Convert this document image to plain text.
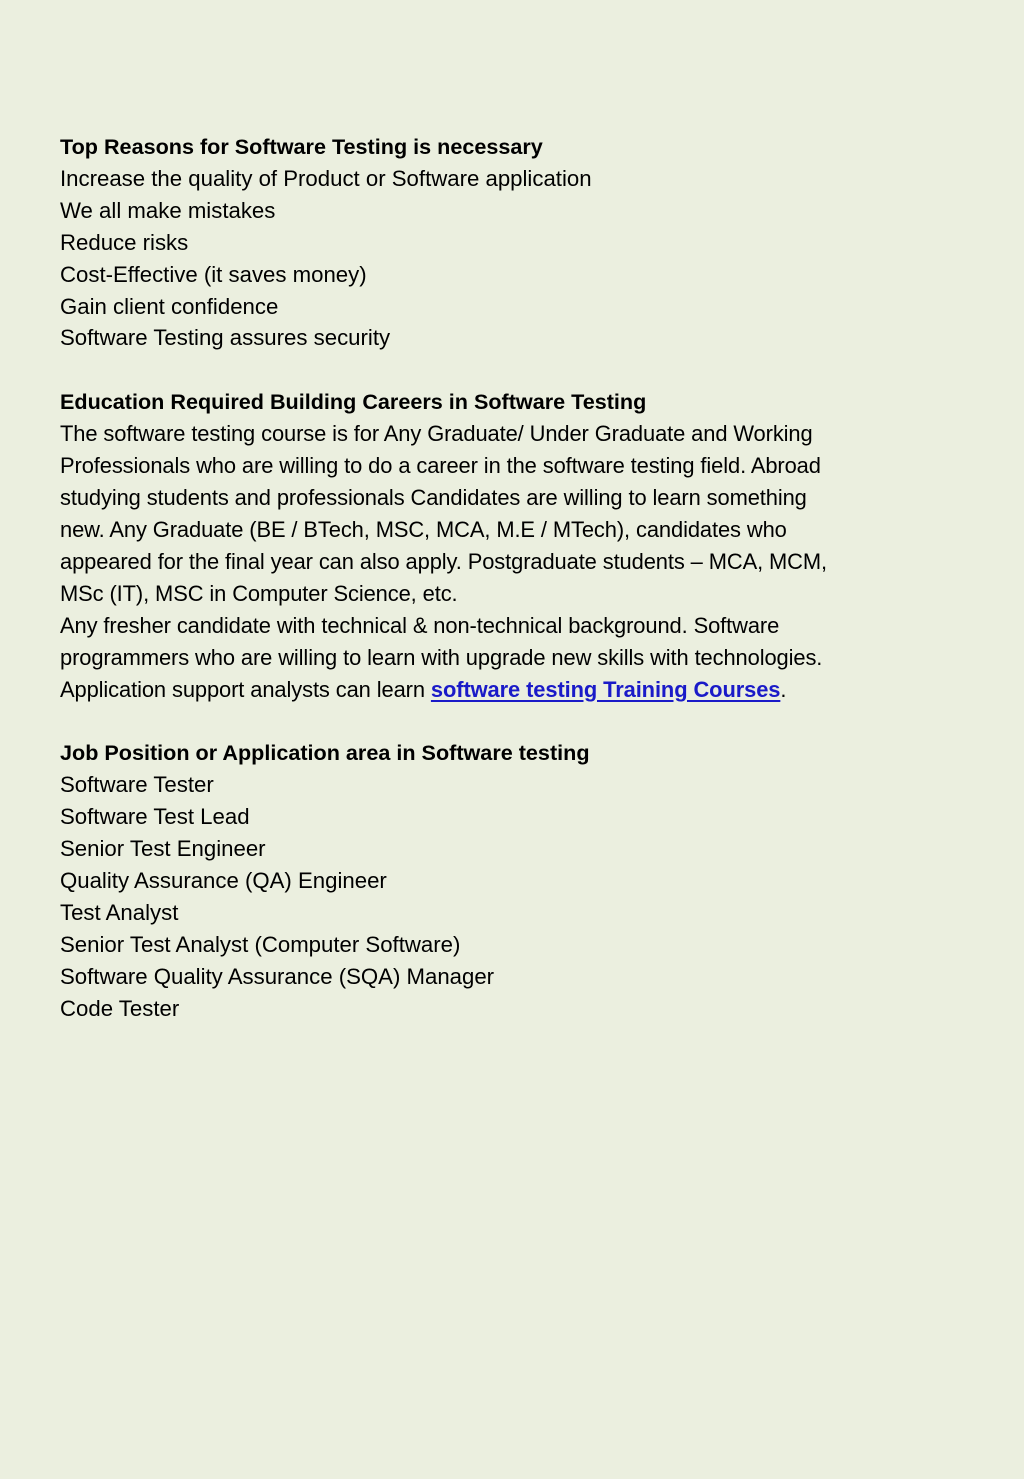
Top Reasons for Software Testing is necessary
Increase the quality of Product or Software application
We all make mistakes
Reduce risks
Cost-Effective (it saves money)
Gain client confidence
Software Testing assures security
Education Required Building Careers in Software Testing
The software testing course is for Any Graduate/ Under Graduate and Working
Professionals who are willing to do a career in the software testing field. Abroad
studying students and professionals Candidates are willing to learn something
new. Any Graduate (BE / BTech, MSC, MCA, M.E / MTech), candidates who
appeared for the final year can also apply. Postgraduate students – MCA, MCM,
MSc (IT), MSC in Computer Science, etc.
Any fresher candidate with technical & non-technical background. Software
programmers who are willing to learn with upgrade new skills with technologies.
Application support analysts can learn software testing Training Courses.
Job Position or Application area in Software testing
Software Tester
Software Test Lead
Senior Test Engineer
Quality Assurance (QA) Engineer
Test Analyst
Senior Test Analyst (Computer Software)
Software Quality Assurance (SQA) Manager
Code Tester
